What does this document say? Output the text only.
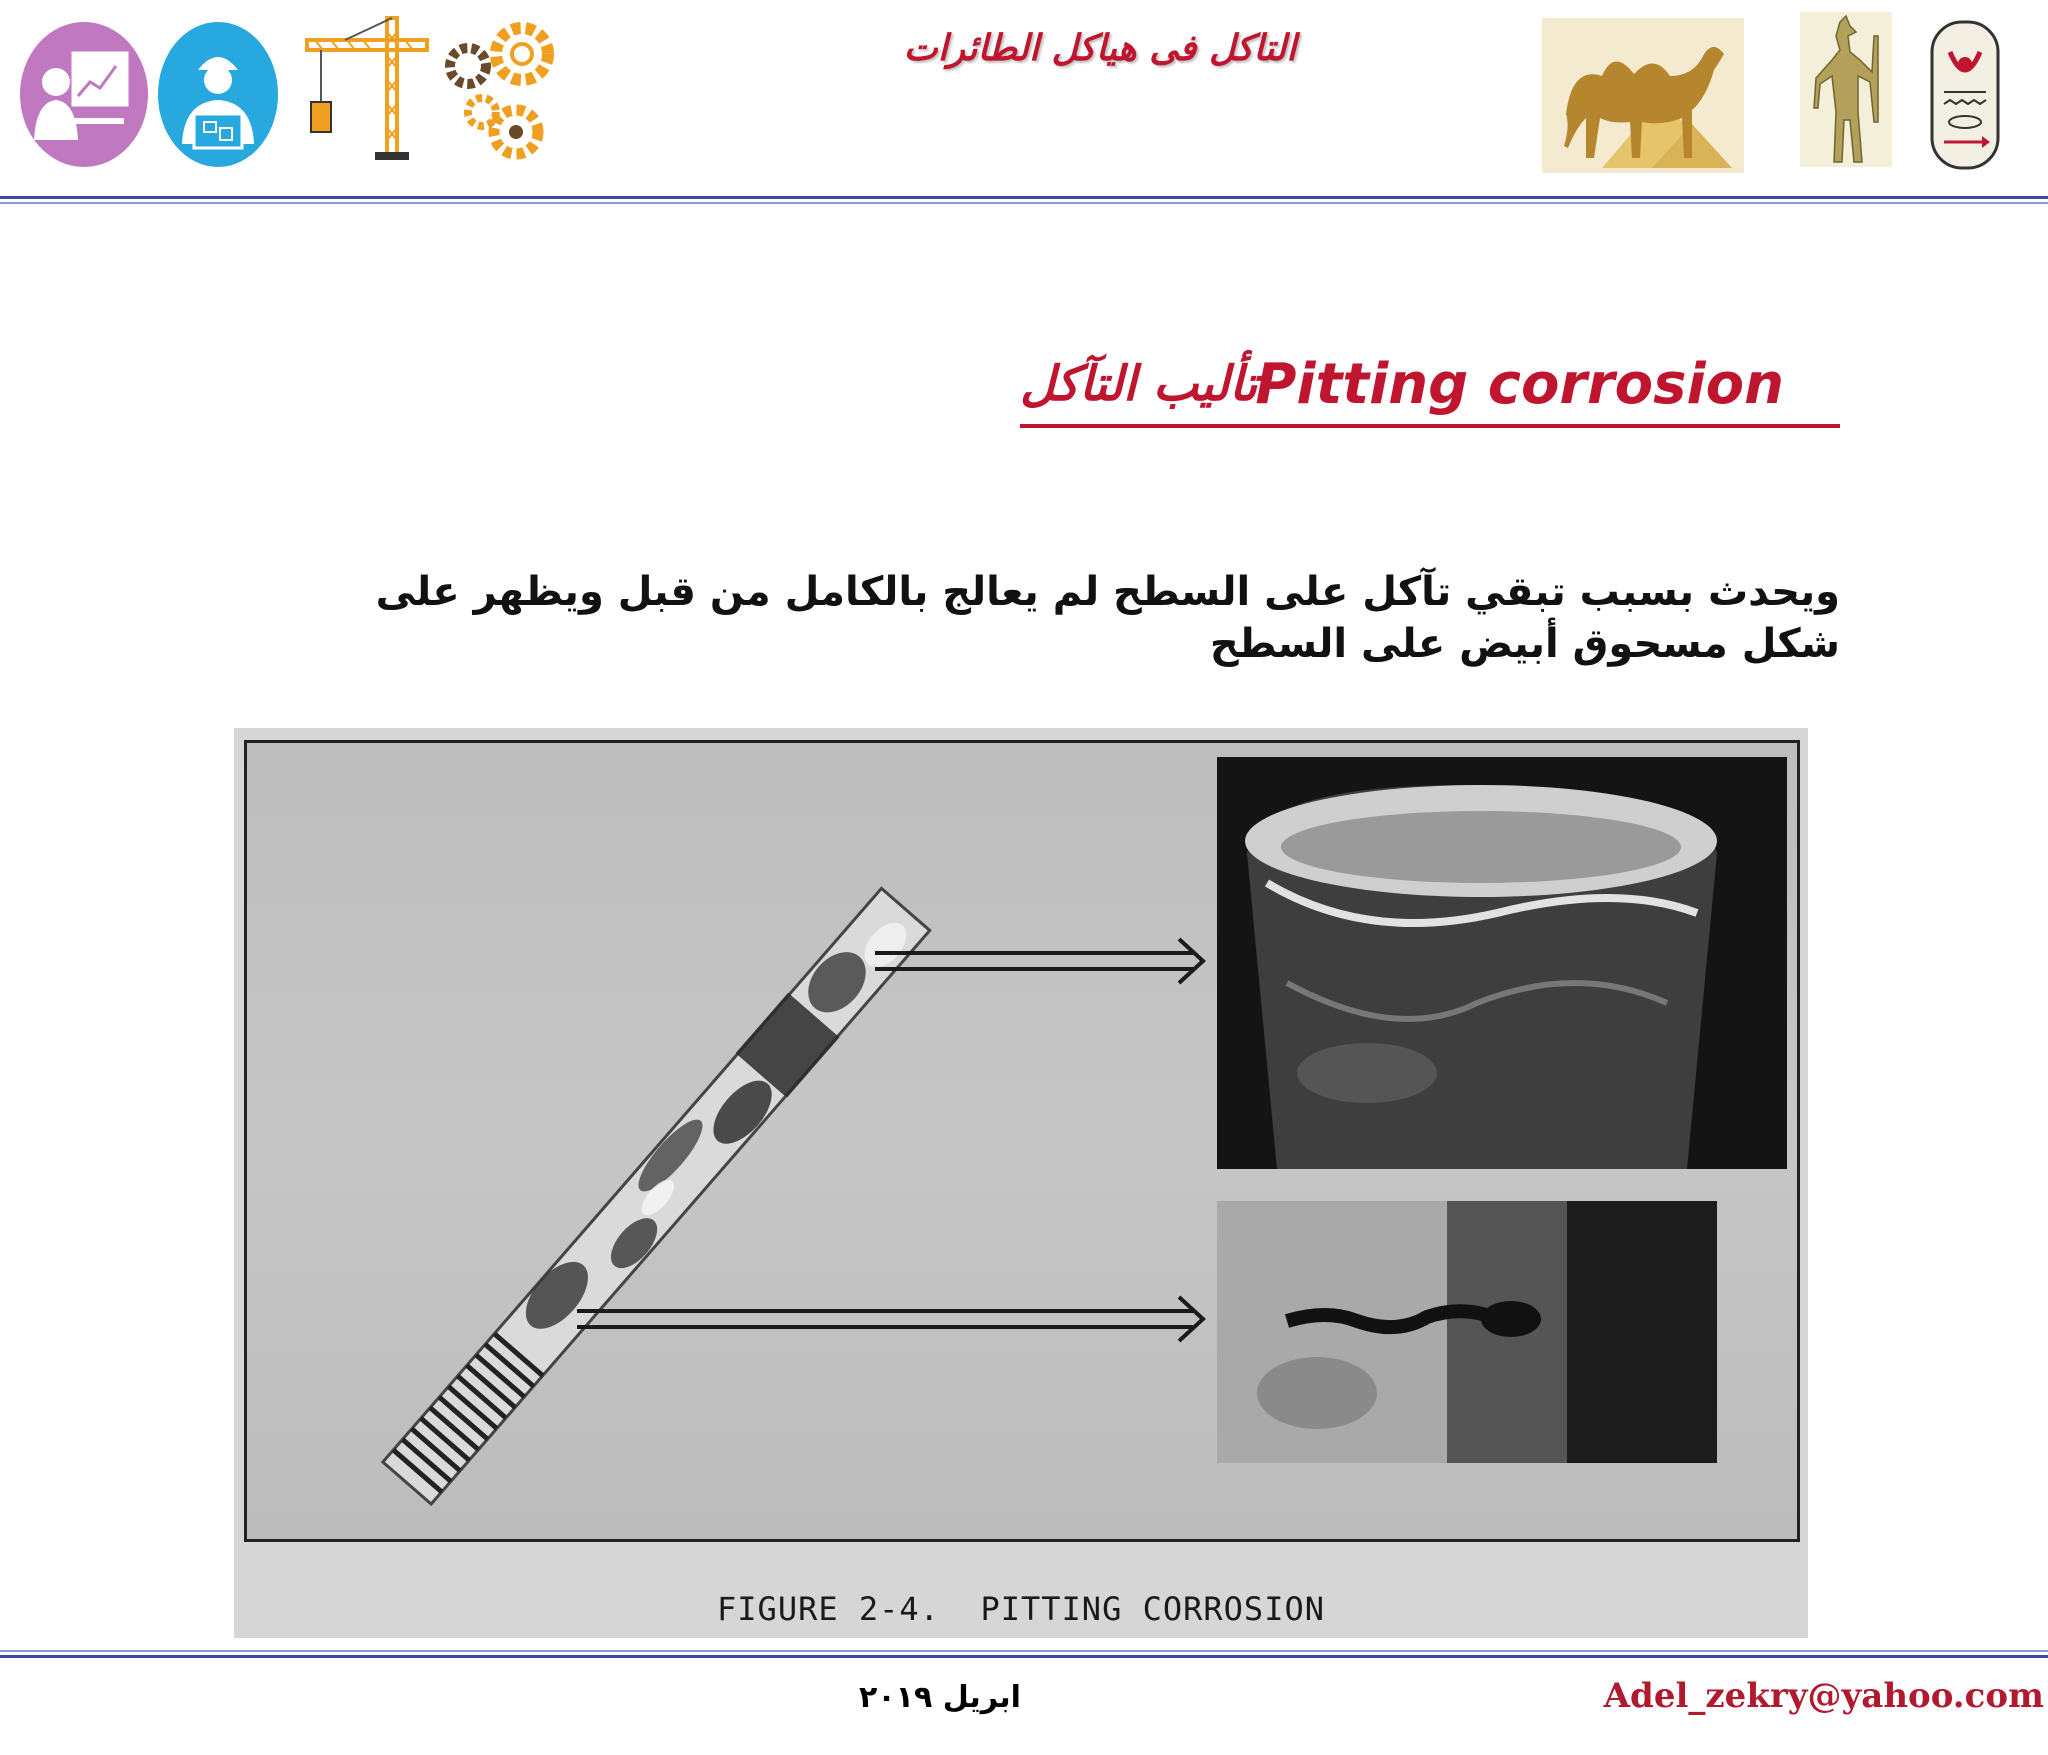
التاكل فى هياكل الطائرات
Pitting corrosion
تأليب التآكل
ويحدث بسبب تبقي تآكل على السطح لم يعالج بالكامل من قبل ويظهر على شكل مسحوق أبيض على السطح
FIGURE 2-4.  PITTING CORROSION
ابريل ٢٠١٩	Adel_zekry@yahoo.com
